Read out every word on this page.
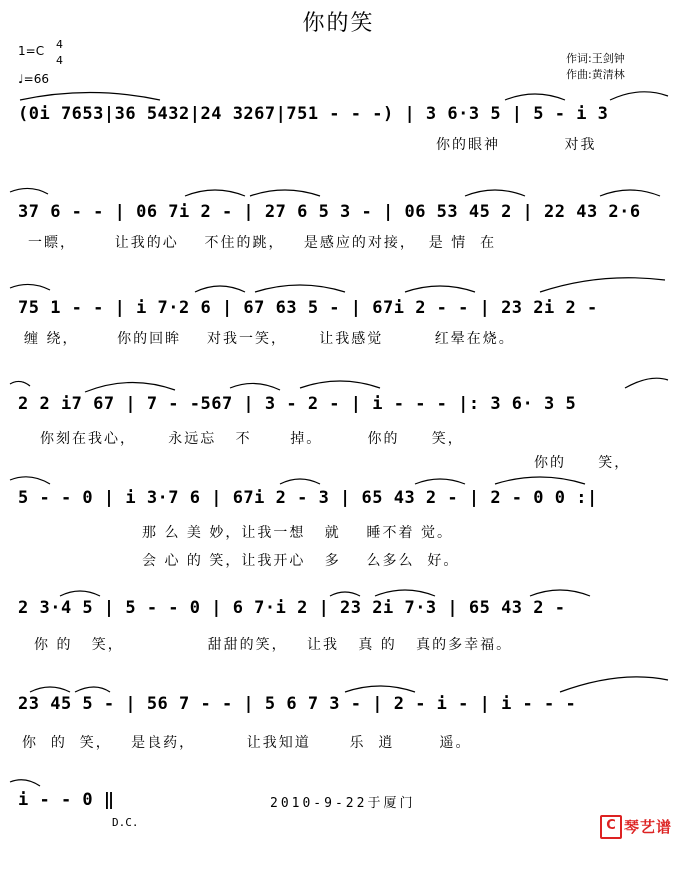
你的笑
1=C 4
4
♩=66
作词:王剑钟
作曲:黄清林
(0i 7653|36 5432|24 3267|751 - - -) | 3 6·3 5 | 5 - i 3
你的眼神          对我
37 6 - - | 06 7i 2 - | 27 6 5 3 - | 06 53 45 2 | 22 43 2·6
一瞟，      让我的心    不住的跳，   是感应的对接，  是 情  在
75 1 - - | i 7·2 6 | 67 63 5 - | 67i 2 - - | 23 2i 2 -
缠 绕，      你的回眸    对我一笑，     让我感觉        红晕在烧。
2 2 i7 67 | 7 - -567 | 3 - 2 - | i - - - |: 3 6· 3 5
你刻在我心，     永远忘   不      掉。       你的     笑，
你的     笑，
5 - - 0 | i 3·7 6 | 67i 2 - 3 | 65 43 2 - | 2 - 0 0 :|
那 么 美 妙，让我一想   就    睡不着 觉。
会 心 的 笑，让我开心   多    么多么  好。
2 3·4 5 | 5 - - 0 | 6 7·i 2 | 23 2i 7·3 | 65 43 2 -
你 的   笑，             甜甜的笑，   让我   真 的   真的多幸福。
23 45 5 - | 56 7 - - | 5 6 7 3 - | 2 - i - | i - - -
你  的  笑，   是良药，        让我知道      乐  逍       遥。
i - - 0 ‖	2010-9-22于厦门
D.C.

	C

琴艺谱
